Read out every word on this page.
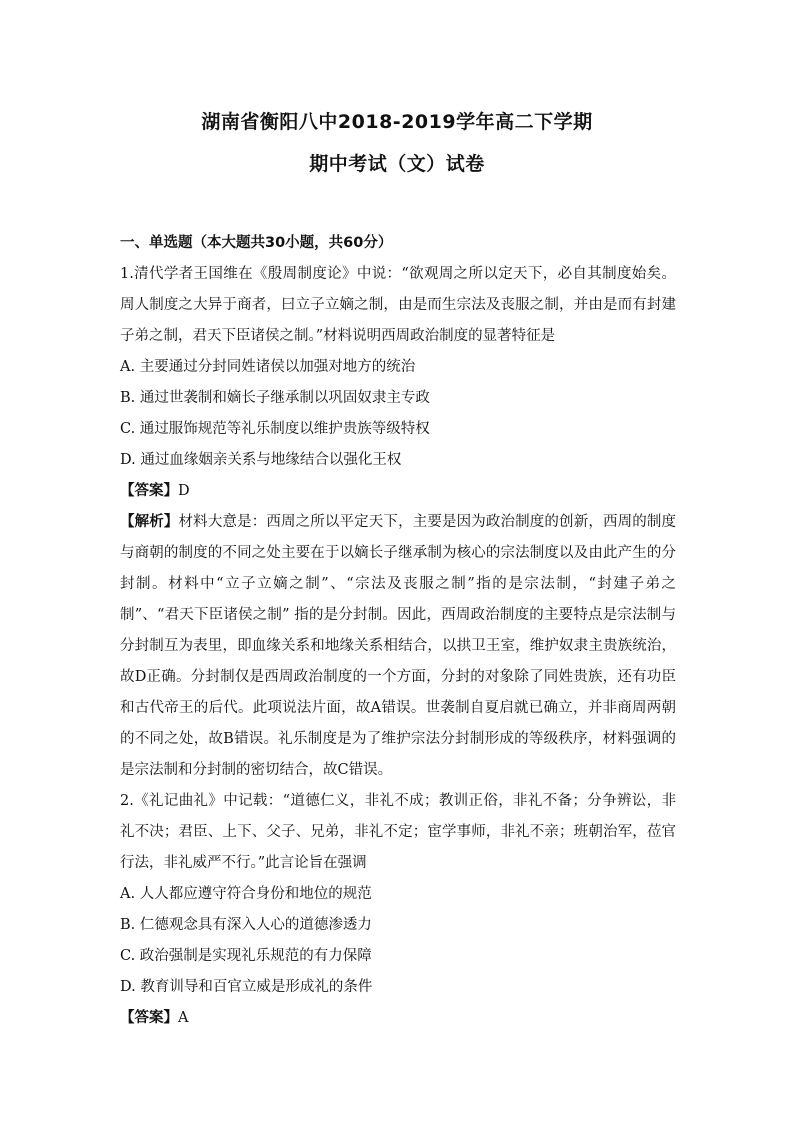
湖南省衡阳八中2018-2019学年高二下学期
期中考试（文）试卷

一、单选题（本大题共30小题，共60分）

1.清代学者王国维在《殷周制度论》中说：“欲观周之所以定天下，必自其制度始矣。周人制度之大异于商者，曰立子立嫡之制，由是而生宗法及丧服之制，并由是而有封建子弟之制，君天下臣诸侯之制。”材料说明西周政治制度的显著特征是

A. 主要通过分封同姓诸侯以加强对地方的统治

B. 通过世袭制和嫡长子继承制以巩固奴隶主专政

C. 通过服饰规范等礼乐制度以维护贵族等级特权

D. 通过血缘姻亲关系与地缘结合以强化王权

【答案】D

【解析】材料大意是：西周之所以平定天下，主要是因为政治制度的创新，西周的制度与商朝的制度的不同之处主要在于以嫡长子继承制为核心的宗法制度以及由此产生的分封制。材料中“立子立嫡之制”、“宗法及丧服之制”指的是宗法制，“封建子弟之制”、“君天下臣诸侯之制” 指的是分封制。因此，西周政治制度的主要特点是宗法制与分封制互为表里，即血缘关系和地缘关系相结合，以拱卫王室，维护奴隶主贵族统治，故D正确。分封制仅是西周政治制度的一个方面，分封的对象除了同姓贵族，还有功臣和古代帝王的后代。此项说法片面，故A错误。世袭制自夏启就已确立，并非商周两朝的不同之处，故B错误。礼乐制度是为了维护宗法分封制形成的等级秩序，材料强调的是宗法制和分封制的密切结合，故C错误。

2.《礼记曲礼》中记载：“道德仁义，非礼不成；教训正俗，非礼不备；分争辨讼，非礼不决；君臣、上下、父子、兄弟，非礼不定；宦学事师，非礼不亲；班朝治军，莅官行法，非礼威严不行。”此言论旨在强调

A. 人人都应遵守符合身份和地位的规范

B. 仁德观念具有深入人心的道德渗透力

C. 政治强制是实现礼乐规范的有力保障

D. 教育训导和百官立威是形成礼的条件

【答案】A
